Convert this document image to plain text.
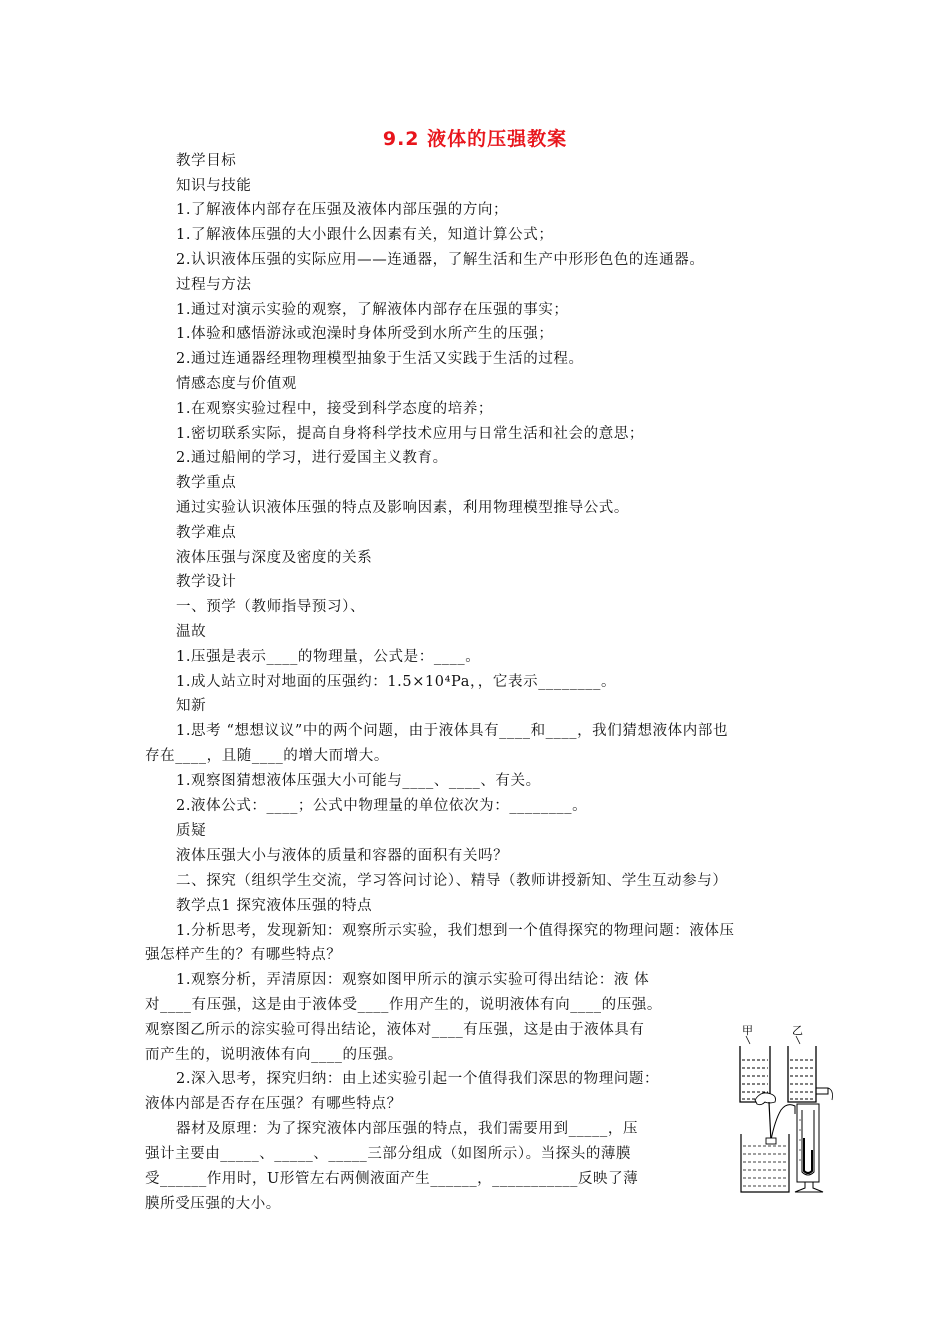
9.2 液体的压强教案
教学目标
知识与技能
1.了解液体内部存在压强及液体内部压强的方向；
1.了解液体压强的大小跟什么因素有关，知道计算公式；
2.认识液体压强的实际应用——连通器，了解生活和生产中形形色色的连通器。
过程与方法
1.通过对演示实验的观察，了解液体内部存在压强的事实；
1.体验和感悟游泳或泡澡时身体所受到水所产生的压强；
2.通过连通器经理物理模型抽象于生活又实践于生活的过程。
情感态度与价值观
1.在观察实验过程中，接受到科学态度的培养；
1.密切联系实际，提高自身将科学技术应用与日常生活和社会的意思；
2.通过船闸的学习，进行爱国主义教育。
教学重点
通过实验认识液体压强的特点及影响因素，利用物理模型推导公式。
教学难点
液体压强与深度及密度的关系
教学设计
一、预学（教师指导预习）、
温故
1.压强是表示____的物理量，公式是：____。
1.成人站立时对地面的压强约：1.5×10⁴Pa，，它表示________。
知新
1.思考 “想想议议”中的两个问题，由于液体具有____和____，我们猜想液体内部也
存在____，且随____的增大而增大。
1.观察图猜想液体压强大小可能与____、____、有关。
2.液体公式：____；公式中物理量的单位依次为：________。
质疑
液体压强大小与液体的质量和容器的面积有关吗？
二、探究（组织学生交流，学习答问讨论）、精导（教师讲授新知、学生互动参与）
教学点1 探究液体压强的特点
1.分析思考，发现新知：观察所示实验，我们想到一个值得探究的物理问题：液体压
强怎样产生的？有哪些特点？
1.观察分析，弄清原因：观察如图甲所示的演示实验可得出结论：液 体
对____有压强，这是由于液体受____作用产生的，说明液体有向____的压强。
观察图乙所示的淙实验可得出结论，液体对____有压强，这是由于液体具有
而产生的，说明液体有向____的压强。
2.深入思考，探究归纳：由上述实验引起一个值得我们深思的物理问题：
液体内部是否存在压强？有哪些特点？
器材及原理：为了探究液体内部压强的特点，我们需要用到_____，压
强计主要由_____、_____、_____三部分组成（如图所示）。当探头的薄膜
受______作用时，U形管左右两侧液面产生______，___________反映了薄
膜所受压强的大小。
甲	乙
